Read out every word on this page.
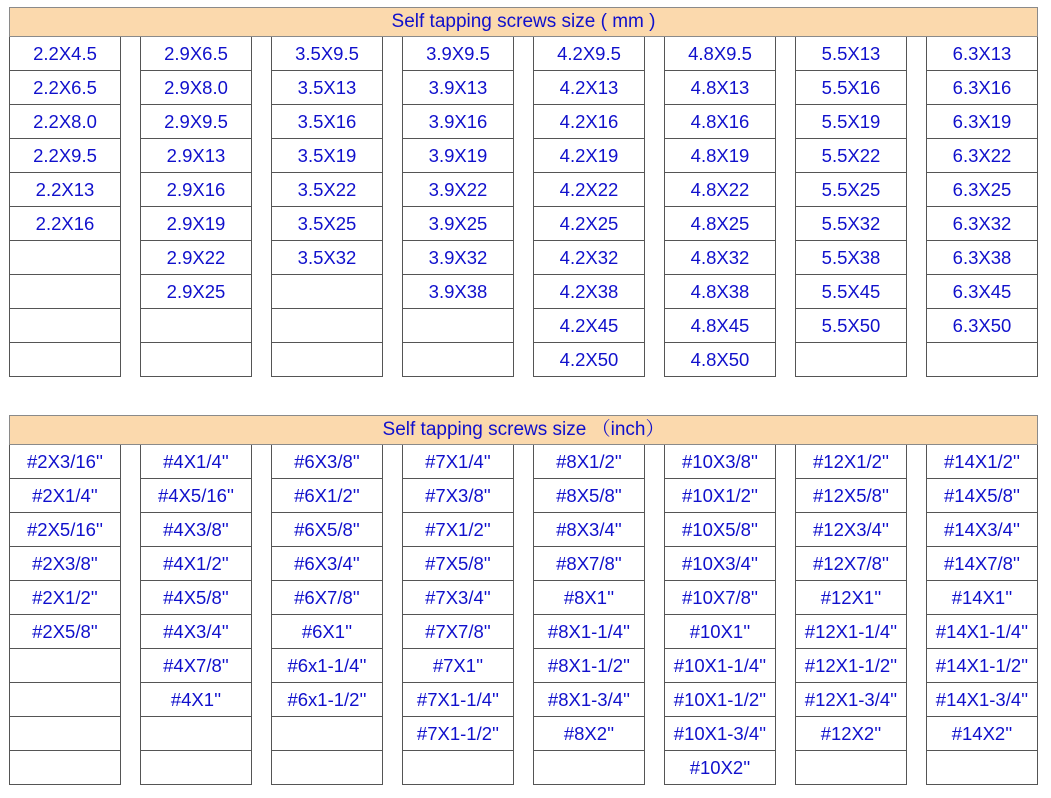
Self tapping screws size ( mm )
2.2X4.5
2.2X6.5
2.2X8.0
2.2X9.5
2.2X13
2.2X16
2.9X6.5
2.9X8.0
2.9X9.5
2.9X13
2.9X16
2.9X19
2.9X22
2.9X25
3.5X9.5
3.5X13
3.5X16
3.5X19
3.5X22
3.5X25
3.5X32
3.9X9.5
3.9X13
3.9X16
3.9X19
3.9X22
3.9X25
3.9X32
3.9X38
4.2X9.5
4.2X13
4.2X16
4.2X19
4.2X22
4.2X25
4.2X32
4.2X38
4.2X45
4.2X50
4.8X9.5
4.8X13
4.8X16
4.8X19
4.8X22
4.8X25
4.8X32
4.8X38
4.8X45
4.8X50
5.5X13
5.5X16
5.5X19
5.5X22
5.5X25
5.5X32
5.5X38
5.5X45
5.5X50
6.3X13
6.3X16
6.3X19
6.3X22
6.3X25
6.3X32
6.3X38
6.3X45
6.3X50
Self tapping screws size （inch）
#2X3/16''
#2X1/4''
#2X5/16''
#2X3/8''
#2X1/2''
#2X5/8''
#4X1/4''
#4X5/16''
#4X3/8''
#4X1/2''
#4X5/8''
#4X3/4''
#4X7/8''
#4X1''
#6X3/8''
#6X1/2''
#6X5/8''
#6X3/4''
#6X7/8''
#6X1''
#6x1-1/4''
#6x1-1/2''
#7X1/4''
#7X3/8''
#7X1/2''
#7X5/8''
#7X3/4''
#7X7/8''
#7X1''
#7X1-1/4''
#7X1-1/2''
#8X1/2''
#8X5/8''
#8X3/4''
#8X7/8''
#8X1''
#8X1-1/4''
#8X1-1/2''
#8X1-3/4''
#8X2''
#10X3/8''
#10X1/2''
#10X5/8''
#10X3/4''
#10X7/8''
#10X1''
#10X1-1/4''
#10X1-1/2''
#10X1-3/4''
#10X2''
#12X1/2''
#12X5/8''
#12X3/4''
#12X7/8''
#12X1''
#12X1-1/4''
#12X1-1/2''
#12X1-3/4''
#12X2''
#14X1/2''
#14X5/8''
#14X3/4''
#14X7/8''
#14X1''
#14X1-1/4''
#14X1-1/2''
#14X1-3/4''
#14X2''
